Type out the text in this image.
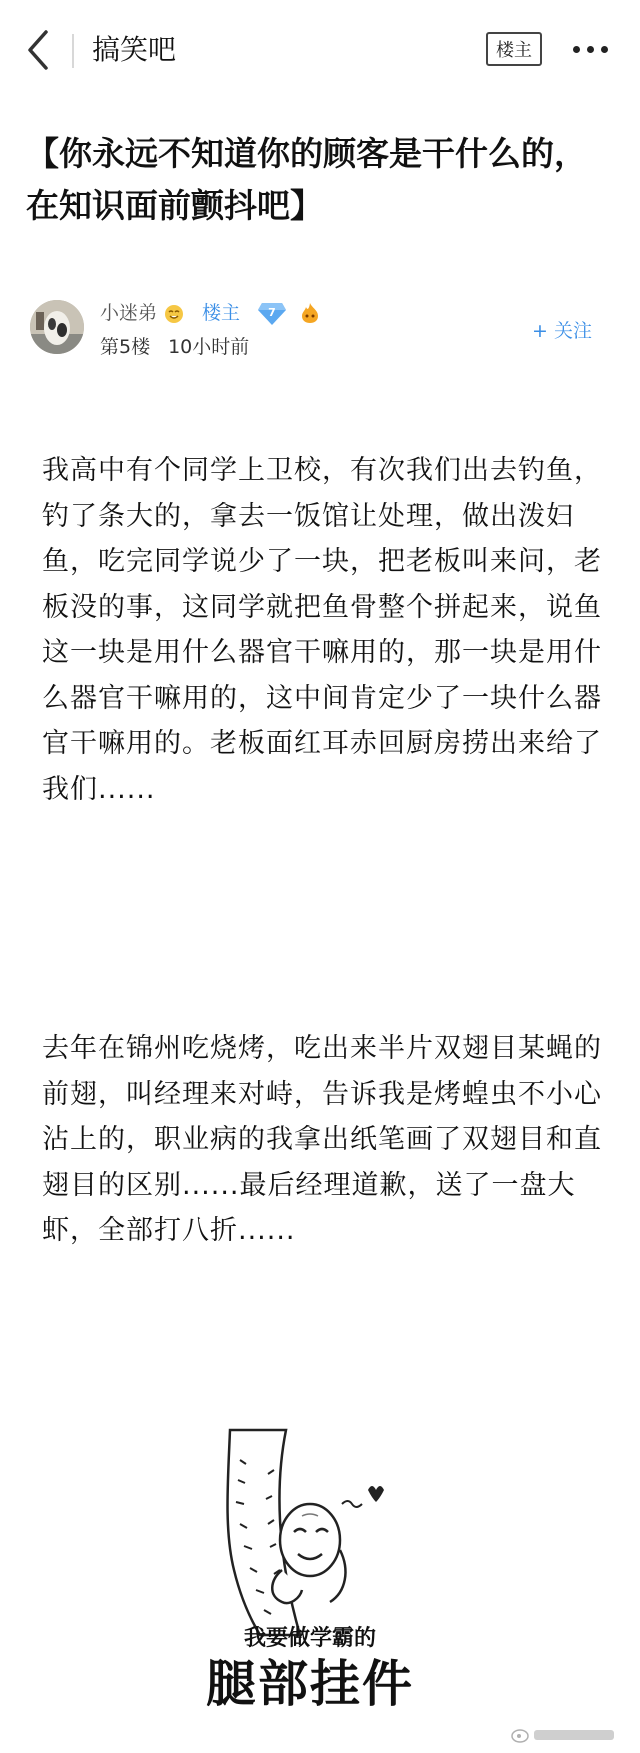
搞笑吧	楼主
【你永远不知道你的顾客是干什么的，在知识面前颤抖吧】
小迷弟 楼主	7
第5楼 10小时前
+ 关注

我高中有个同学上卫校，有次我们出去钓鱼，钓了条大的，拿去一饭馆让处理，做出泼妇鱼，吃完同学说少了一块，把老板叫来问，老板没的事，这同学就把鱼骨整个拼起来，说鱼这一块是用什么器官干嘛用的，那一块是用什么器官干嘛用的，这中间肯定少了一块什么器官干嘛用的。老板面红耳赤回厨房捞出来给了我们......

去年在锦州吃烧烤，吃出来半片双翅目某蝇的前翅，叫经理来对峙，告诉我是烤蝗虫不小心沾上的，职业病的我拿出纸笔画了双翅目和直翅目的区别......最后经理道歉，送了一盘大虾，全部打八折......

我要做学霸的
腿部挂件
